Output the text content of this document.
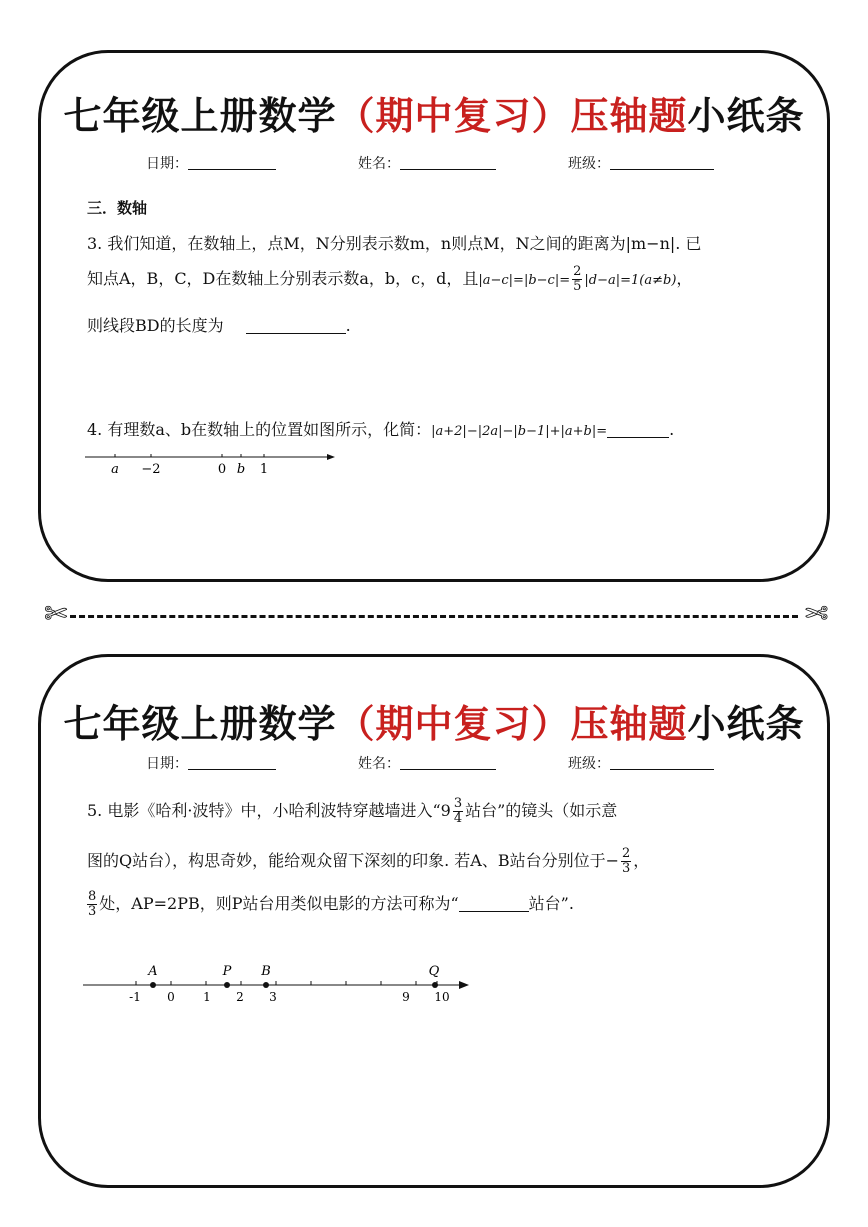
七年级上册数学（期中复习）压轴题小纸条
日期：	姓名：	班级：
三．数轴
3. 我们知道，在数轴上，点M，N分别表示数m，n则点M，N之间的距离为|m−n|. 已
知点A，B，C，D在数轴上分别表示数a，b，c，d，且$|a-c|=|b-c|= \frac{2}{5} |d-a|=1(a\ne b)$，
则线段BD的长度为	.
4. 有理数a、b在数轴上的位置如图所示，化简：|a+2|−|2a|−|b−1|+|a+b|=	.
a −2	0 b 1
✄	✄
七年级上册数学（期中复习）压轴题小纸条
日期：	姓名：	班级：
5. 电影《哈利·波特》中，小哈利波特穿越墙进入“$9 \frac{3}{4}$ 站台”的镜头（如示意
图的Q站台），构思奇妙，能给观众留下深刻的印象. 若A、B站台分别位于− $\frac{2}{3}$ ，
$\frac{8}{3}$ 处，AP=2PB，则P站台用类似电影的方法可称为“	站台”.
A	P B	Q
-1 0 1 2 3	9 10
